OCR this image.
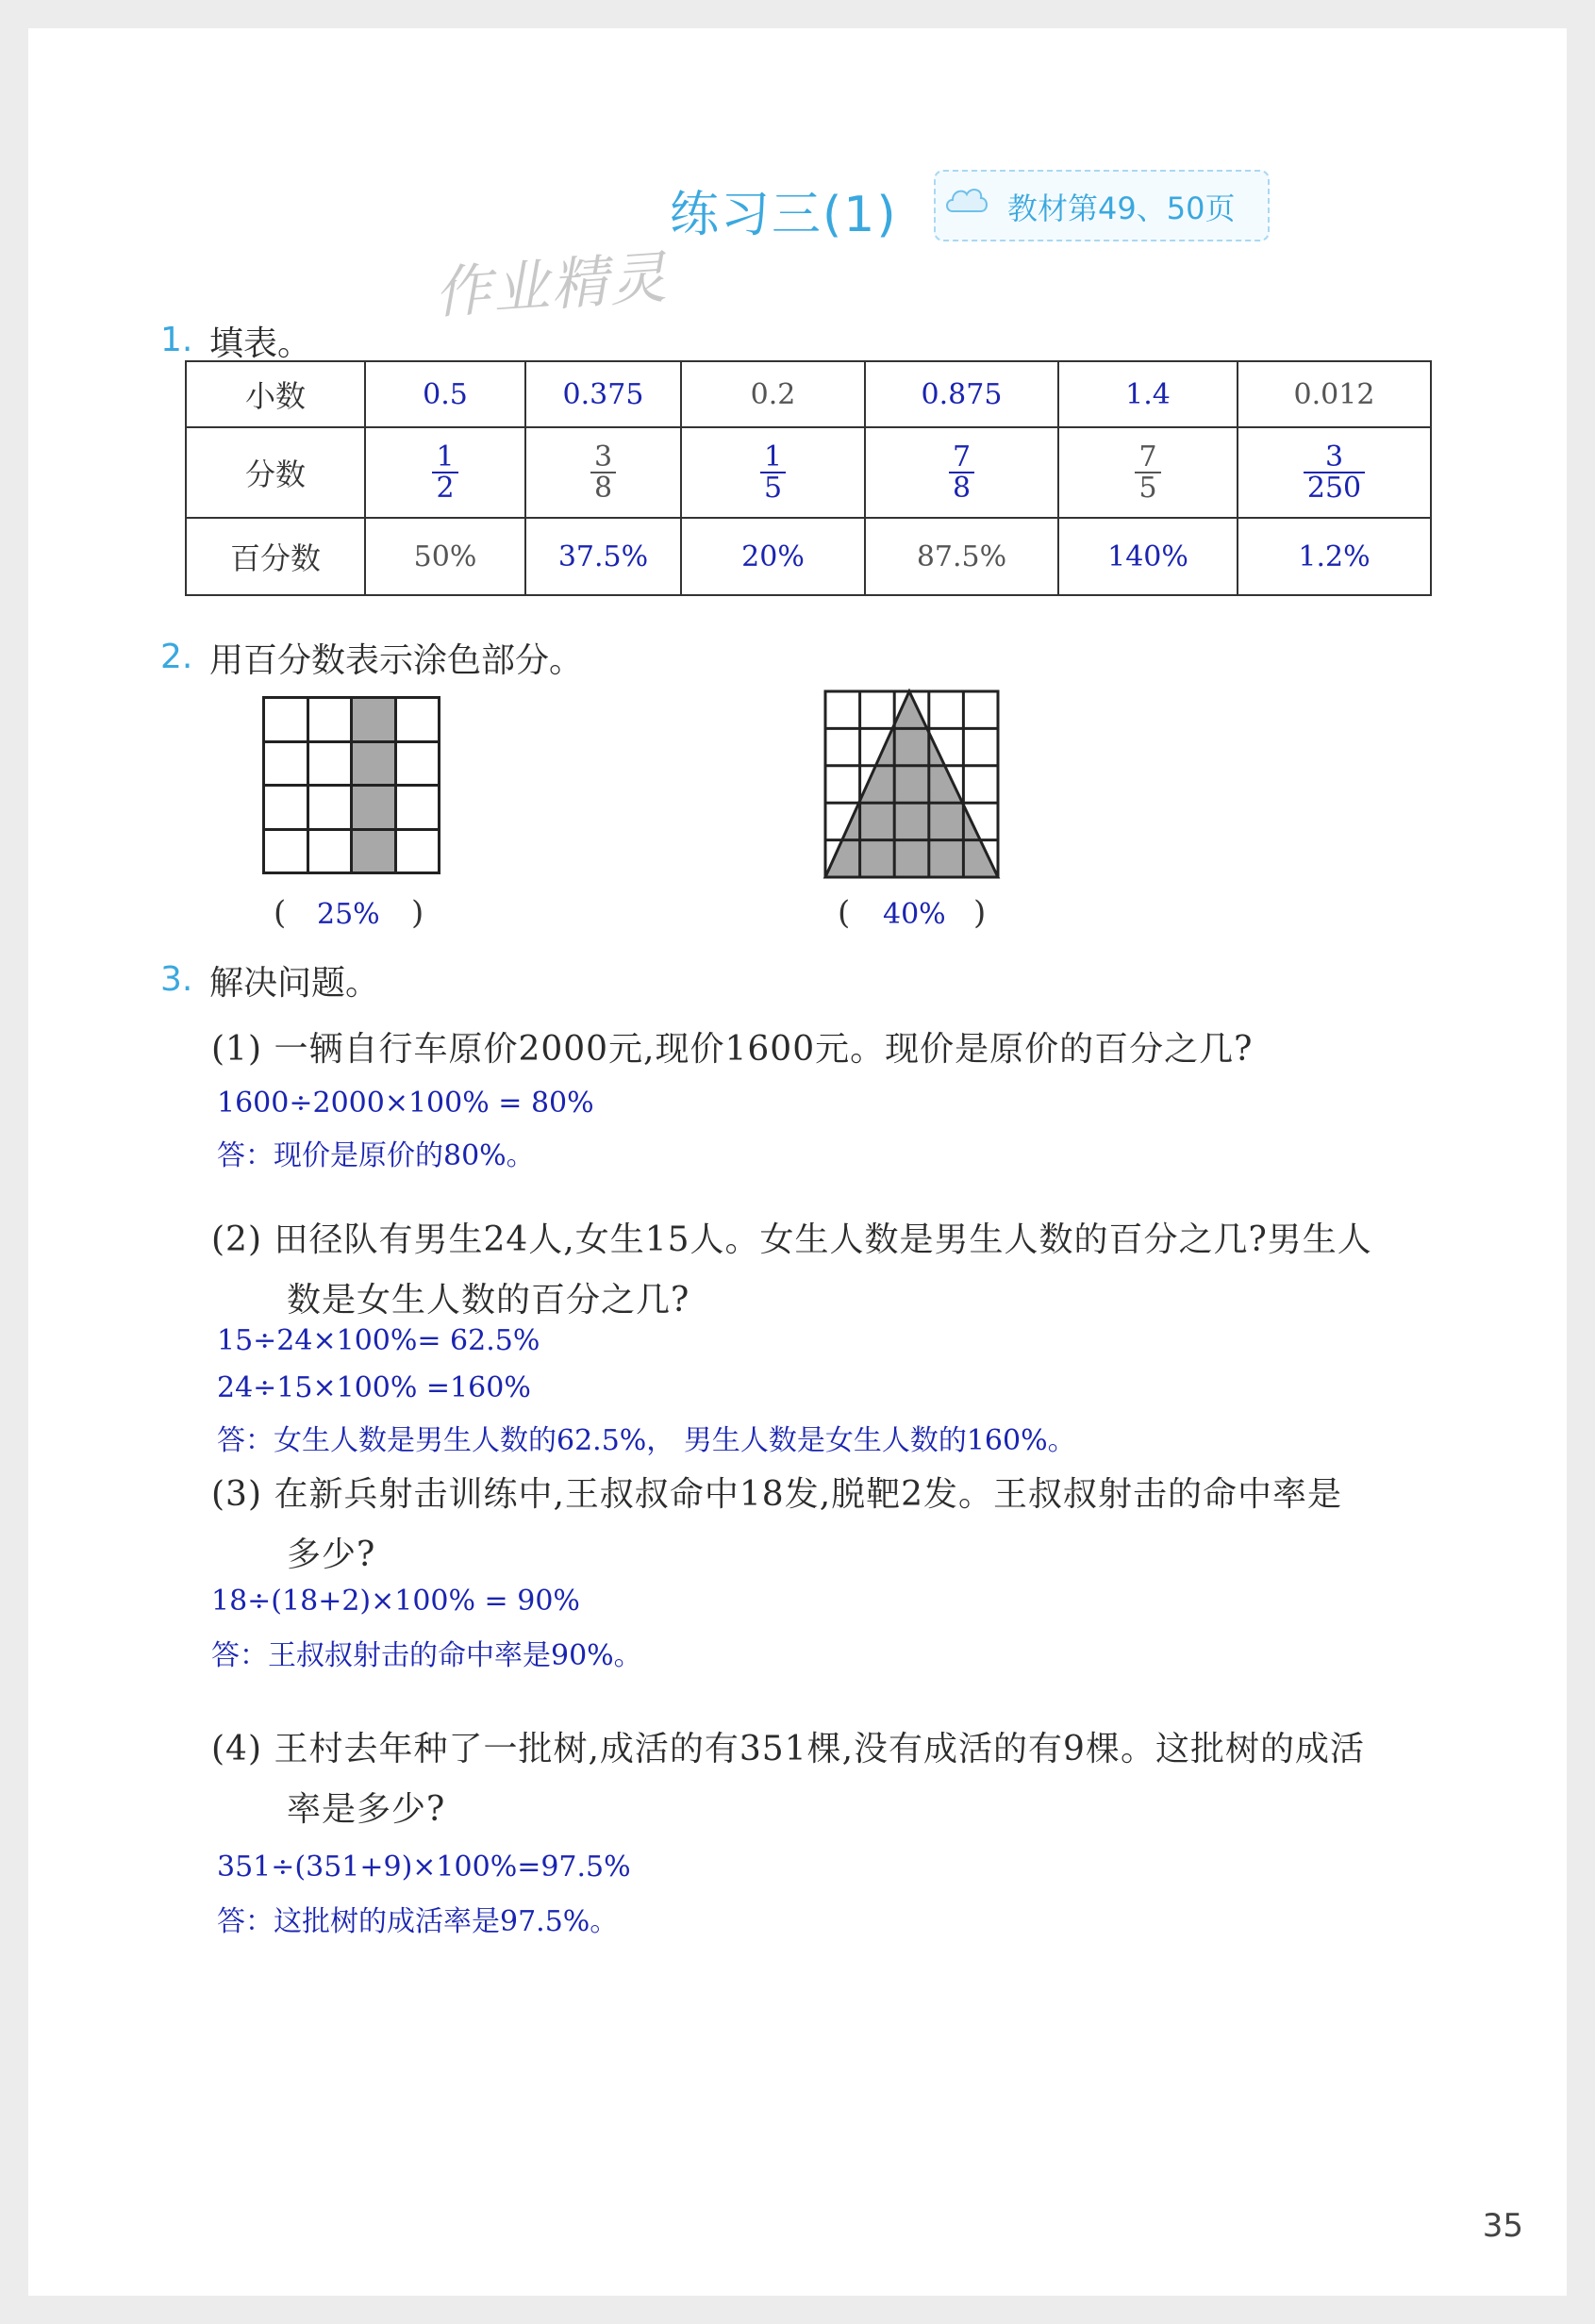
练习三(1)	教材第49、50页
作业精灵
1. 填表。
小数	0.5	0.375	0.2	0.875	1.4	0.012
分数	$\frac{1}{2}$	$\frac{3}{8}$	$\frac{1}{5}$	$\frac{7}{8}$	$\frac{7}{5}$	$\frac{3}{250}$

百分数	50%	37.5%	20%	87.5%	140%	1.2%
2. 用百分数表示涂色部分。
( 25% )	( 40% )
3. 解决问题。
(1) 一辆自行车原价2000元,现价1600元。现价是原价的百分之几?
1600÷2000×100% = 80%
答：现价是原价的80%。
(2) 田径队有男生24人,女生15人。女生人数是男生人数的百分之几?男生人
数是女生人数的百分之几?
15÷24×100%= 62.5%
24÷15×100% =160%
答：女生人数是男生人数的62.5%， 男生人数是女生人数的160%。
(3) 在新兵射击训练中,王叔叔命中18发,脱靶2发。王叔叔射击的命中率是
多少?
18÷(18+2)×100% = 90%
答：王叔叔射击的命中率是90%。
(4) 王村去年种了一批树,成活的有351棵,没有成活的有9棵。这批树的成活
率是多少?
351÷(351+9)×100%=97.5%
答：这批树的成活率是97.5%。
35
